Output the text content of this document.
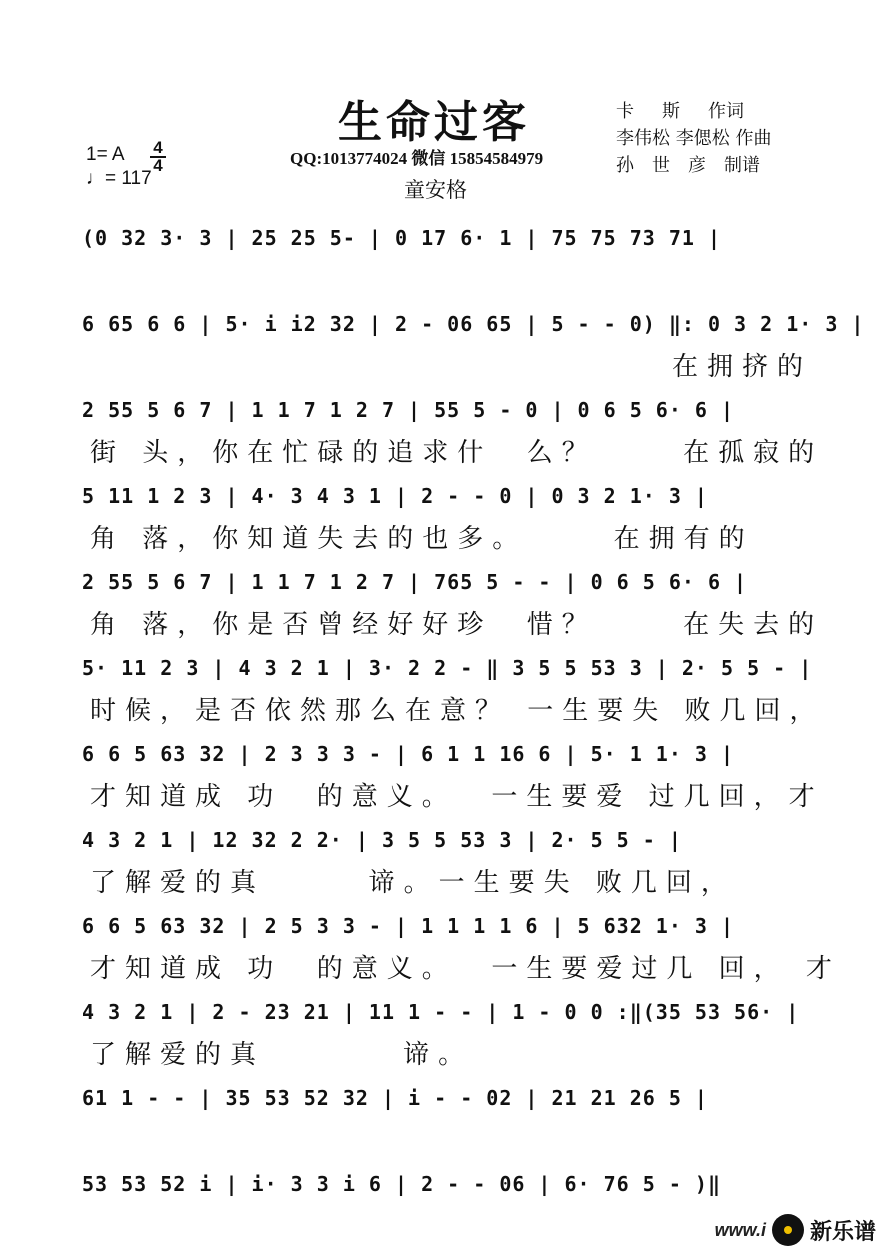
生命过客
QQ:1013774024 微信 15854584979
童安格
卡斯作词
李伟松 李偲松 作曲
孙世彦制谱
1= A 4
4
♩= 117
(0 32 3· 3 | 25 25 5- | 0 17 6· 1 | 75 75 73 71 |
6 65 6 6 | 5· i i2 32 | 2 - 06 65 | 5 - - 0) ‖: 0 3 2 1· 3 |
在拥挤的
2 55 5 6 7 | 1 1 7 1 2 7 | 55 5 - 0 | 0 6 5 6· 6 |
街 头，你在忙碌的追求什  么？     在孤寂的
5 11 1 2 3 | 4· 3 4 3 1 | 2 - - 0 | 0 3 2 1· 3 |
角 落，你知道失去的也多。     在拥有的
2 55 5 6 7 | 1 1 7 1 2 7 | 765 5 - - | 0 6 5 6· 6 |
角 落，你是否曾经好好珍  惜？     在失去的
5· 11 2 3 | 4 3 2 1 | 3· 2 2 - ‖ 3 5 5 53 3 | 2· 5 5 - |
时候，是否依然那么在意？ 一生要失 败几回，
6 6 5 63 32 | 2 3 3 3 - | 6 1 1 16 6 | 5· 1 1· 3 |
才知道成 功  的意义。  一生要爱 过几回，才
4 3 2 1 | 12 32 2 2· | 3 5 5 53 3 | 2· 5 5 - |
了解爱的真      谛。一生要失 败几回，
6 6 5 63 32 | 2 5 3 3 - | 1 1 1 1 6 | 5 632 1· 3 |
才知道成 功  的意义。  一生要爱过几 回， 才
4 3 2 1 | 2 - 23 21 | 11 1 - - | 1 - 0 0 :‖(35 53 56· |
了解爱的真        谛。
61 1 - - | 35 53 52 32 | i - - 02 | 21 21 26 5 |
53 53 52 i | i· 3 3 i 6 | 2 - - 06 | 6· 76 5 - )‖
www.i 新乐谱
